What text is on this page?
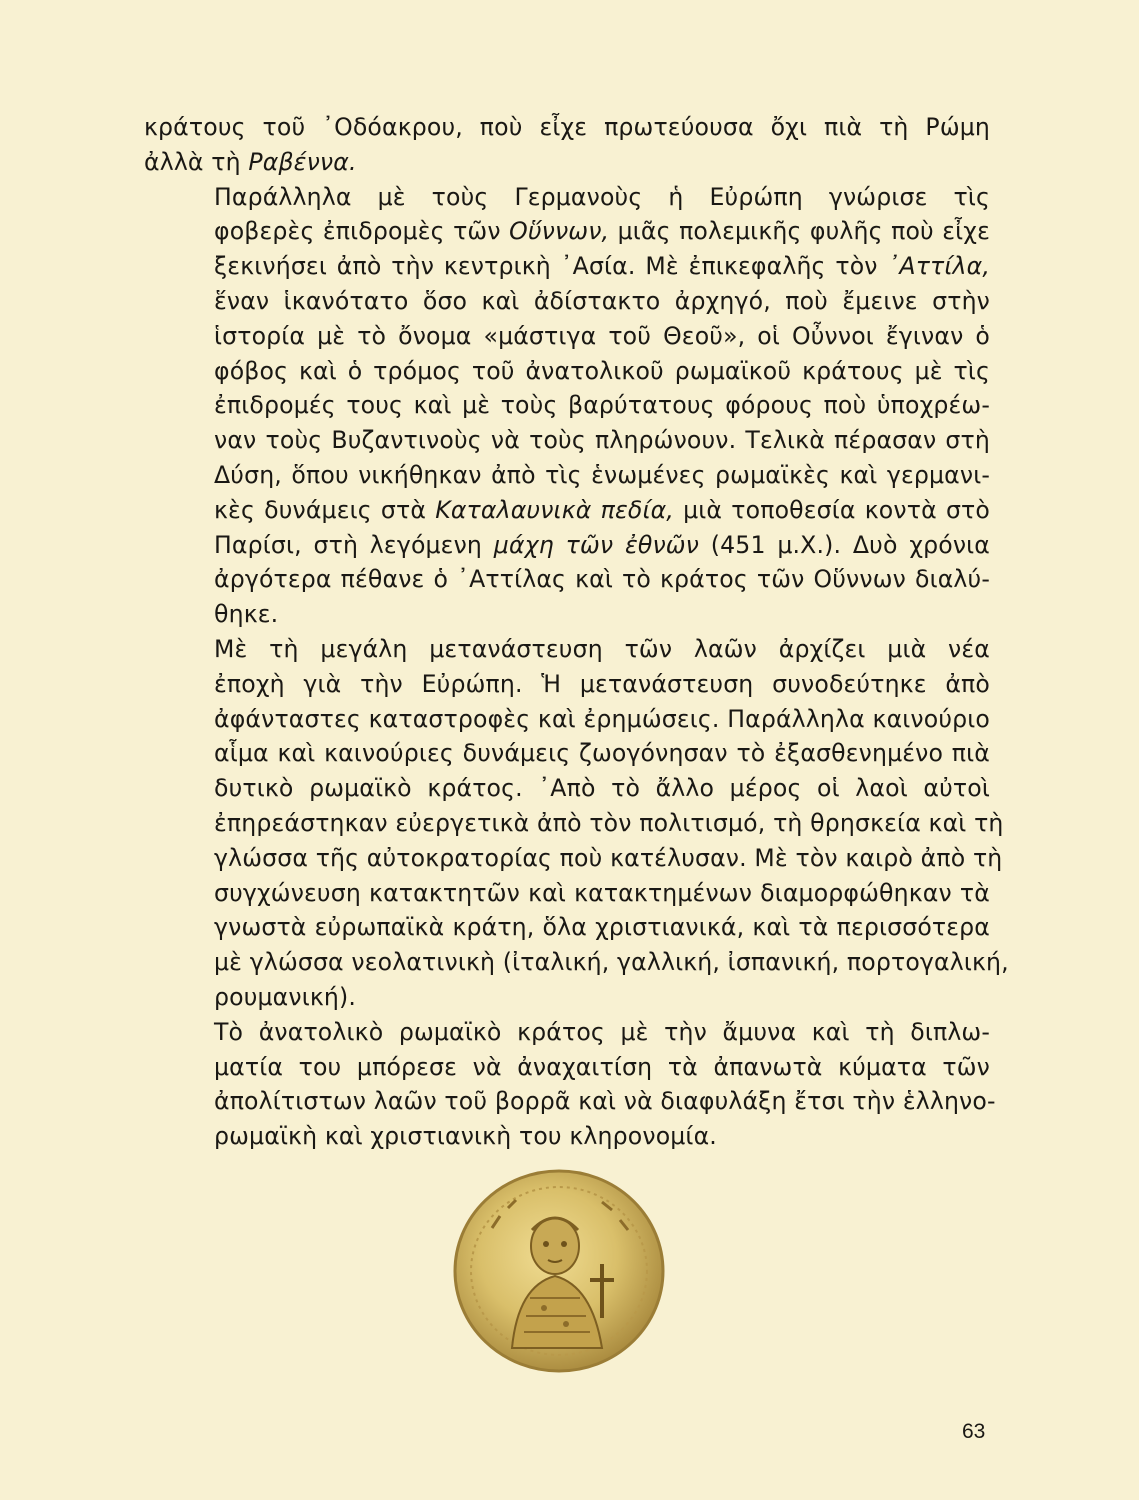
κράτους τοῦ ᾿Οδόακρου, ποὺ εἶχε πρωτεύουσα ὄχι πιὰ τὴ Ρώμη
ἀλλὰ τὴ Ραβέννα.

Παράλληλα μὲ τοὺς Γερμανοὺς ἡ Εὐρώπη γνώρισε τὶς
φοβερὲς ἐπιδρομὲς τῶν Οὕννων, μιᾶς πολεμικῆς φυλῆς ποὺ εἶχε
ξεκινήσει ἀπὸ τὴν κεντρικὴ ᾿Ασία. Μὲ ἐπικεφαλῆς τὸν ᾿Αττίλα,
ἕναν ἱκανότατο ὅσο καὶ ἀδίστακτο ἀρχηγό, ποὺ ἔμεινε στὴν
ἱστορία μὲ τὸ ὄνομα «μάστιγα τοῦ Θεοῦ», οἱ Οὖννοι ἔγιναν ὁ
φόβος καὶ ὁ τρόμος τοῦ ἀνατολικοῦ ρωμαϊκοῦ κράτους μὲ τὶς
ἐπιδρομές τους καὶ μὲ τοὺς βαρύτατους φόρους ποὺ ὑποχρέω-
ναν τοὺς Βυζαντινοὺς νὰ τοὺς πληρώνουν. Τελικὰ πέρασαν στὴ
Δύση, ὅπου νικήθηκαν ἀπὸ τὶς ἑνωμένες ρωμαϊκὲς καὶ γερμανι-
κὲς δυνάμεις στὰ Καταλαυνικὰ πεδία, μιὰ τοποθεσία κοντὰ στὸ
Παρίσι, στὴ λεγόμενη μάχη τῶν ἐθνῶν (451 μ.Χ.). Δυὸ χρόνια
ἀργότερα πέθανε ὁ ᾿Αττίλας καὶ τὸ κράτος τῶν Οὕννων διαλύ-
θηκε.

Μὲ τὴ μεγάλη μετανάστευση τῶν λαῶν ἀρχίζει μιὰ νέα
ἐποχὴ γιὰ τὴν Εὐρώπη. Ἡ μετανάστευση συνοδεύτηκε ἀπὸ
ἀφάνταστες καταστροφὲς καὶ ἐρημώσεις. Παράλληλα καινούριο
αἷμα καὶ καινούριες δυνάμεις ζωογόνησαν τὸ ἐξασθενημένο πιὰ
δυτικὸ ρωμαϊκὸ κράτος. ᾿Απὸ τὸ ἄλλο μέρος οἱ λαοὶ αὐτοὶ
ἐπηρεάστηκαν εὐεργετικὰ ἀπὸ τὸν πολιτισμό, τὴ θρησκεία καὶ τὴ
γλώσσα τῆς αὐτοκρατορίας ποὺ κατέλυσαν. Μὲ τὸν καιρὸ ἀπὸ τὴ
συγχώνευση κατακτητῶν καὶ κατακτημένων διαμορφώθηκαν τὰ
γνωστὰ εὐρωπαϊκὰ κράτη, ὅλα χριστιανικά, καὶ τὰ περισσότερα
μὲ γλώσσα νεολατινικὴ (ἰταλική, γαλλική, ἰσπανική, πορτογαλική,
ρουμανική).

Τὸ ἀνατολικὸ ρωμαϊκὸ κράτος μὲ τὴν ἄμυνα καὶ τὴ διπλω-
ματία του μπόρεσε νὰ ἀναχαιτίση τὰ ἀπανωτὰ κύματα τῶν
ἀπολίτιστων λαῶν τοῦ βορρᾶ καὶ νὰ διαφυλάξη ἔτσι τὴν ἑλληνο-
ρωμαϊκὴ καὶ χριστιανικὴ του κληρονομία.

63
